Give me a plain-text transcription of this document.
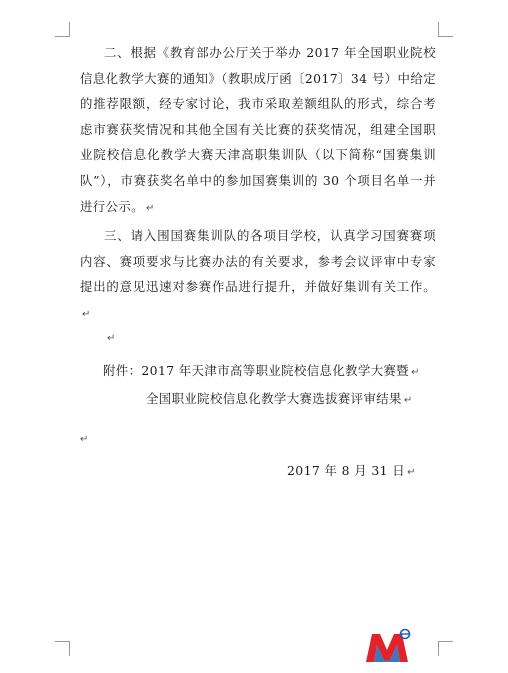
二、根据《教育部办公厅关于举办 2017 年全国职业院校信息化教学大赛的通知》（教职成厅函〔2017〕34 号）中给定的推荐限额，经专家讨论，我市采取差额组队的形式，综合考虑市赛获奖情况和其他全国有关比赛的获奖情况，组建全国职业院校信息化教学大赛天津高职集训队（以下简称“国赛集训队”），市赛获奖名单中的参加国赛集训的 30 个项目名单一并进行公示。 ↵
三、请入围国赛集训队的各项目学校，认真学习国赛赛项内容、赛项要求与比赛办法的有关要求，参考会议评审中专家提出的意见迅速对参赛作品进行提升，并做好集训有关工作。↵
↵
附件：2017 年天津市高等职业院校信息化教学大赛暨 ↵
全国职业院校信息化教学大赛选拔赛评审结果 ↵
↵
2017 年 8 月 31 日 ↵
